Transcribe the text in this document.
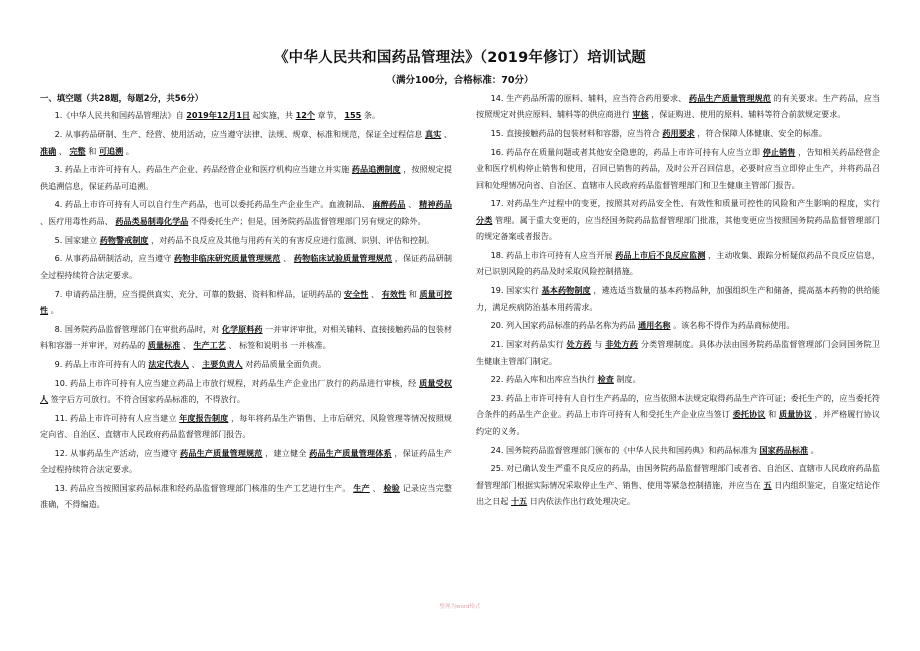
《中华人民共和国药品管理法》（2019年修订）培训试题
（满分100分，合格标准：70分）

一、填空题（共28题，每题2分，共56分）

1.《中华人民共和国药品管理法》自 2019年12月1日 起实施，共 12个 章节， 155 条。

2. 从事药品研制、生产、经营、使用活动，应当遵守法律、法规、规章、标准和规范，保证全过程信息 真实 、 准确 、 完整 和 可追溯 。

3. 药品上市许可持有人、药品生产企业、药品经营企业和医疗机构应当建立并实施 药品追溯制度 ，按照规定提供追溯信息，保证药品可追溯。

4. 药品上市许可持有人可以自行生产药品，也可以委托药品生产企业生产。血液制品、 麻醉药品 、 精神药品 、医疗用毒性药品、 药品类易制毒化学品 不得委托生产；但是，国务院药品监督管理部门另有规定的除外。

5. 国家建立 药物警戒制度 ，对药品不良反应及其他与用药有关的有害反应进行监测、识别、评估和控制。

6. 从事药品研制活动，应当遵守 药物非临床研究质量管理规范 、 药物临床试验质量管理规范 ，保证药品研制全过程持续符合法定要求。

7. 申请药品注册，应当提供真实、充分、可靠的数据、资料和样品，证明药品的 安全性 、 有效性 和 质量可控性 。

8. 国务院药品监督管理部门在审批药品时，对 化学原料药 一并审评审批，对相关辅料、直接接触药品的包装材料和容器一并审评，对药品的 质量标准 、 生产工艺 、 标签和说明书 一并核准。

9. 药品上市许可持有人的 法定代表人 、 主要负责人 对药品质量全面负责。

10. 药品上市许可持有人应当建立药品上市放行规程，对药品生产企业出厂放行的药品进行审核，经 质量受权人 签字后方可放行。不符合国家药品标准的，不得放行。

11. 药品上市许可持有人应当建立 年度报告制度 ，每年将药品生产销售、上市后研究、风险管理等情况按照规定向省、自治区、直辖市人民政府药品监督管理部门报告。

12. 从事药品生产活动，应当遵守 药品生产质量管理规范 ，建立健全 药品生产质量管理体系 ，保证药品生产全过程持续符合法定要求。

13. 药品应当按照国家药品标准和经药品监督管理部门核准的生产工艺进行生产。 生产 、 检验 记录应当完整准确，不得编造。

14. 生产药品所需的原料、辅料，应当符合药用要求、 药品生产质量管理规范 的有关要求。生产药品，应当按照规定对供应原料、辅料等的供应商进行 审核 ，保证购进、使用的原料、辅料等符合前款规定要求。

15. 直接接触药品的包装材料和容器，应当符合 药用要求 ，符合保障人体健康、安全的标准。

16. 药品存在质量问题或者其他安全隐患的，药品上市许可持有人应当立即 停止销售 ，告知相关药品经营企业和医疗机构停止销售和使用，召回已销售的药品，及时公开召回信息，必要时应当立即停止生产，并将药品召回和处理情况向省、自治区、直辖市人民政府药品监督管理部门和卫生健康主管部门报告。

17. 对药品生产过程中的变更，按照其对药品安全性、有效性和质量可控性的风险和产生影响的程度，实行 分类 管理。属于重大变更的，应当经国务院药品监督管理部门批准，其他变更应当按照国务院药品监督管理部门的规定备案或者报告。

18. 药品上市许可持有人应当开展 药品上市后不良反应监测 ，主动收集、跟踪分析疑似药品不良反应信息，对已识别风险的药品及时采取风险控制措施。

19. 国家实行 基本药物制度 ，遴选适当数量的基本药物品种，加强组织生产和储备，提高基本药物的供给能力，满足疾病防治基本用药需求。

20. 列入国家药品标准的药品名称为药品 通用名称 。该名称不得作为药品商标使用。

21. 国家对药品实行 处方药 与 非处方药 分类管理制度。具体办法由国务院药品监督管理部门会同国务院卫生健康主管部门制定。

22. 药品入库和出库应当执行 检查 制度。

23. 药品上市许可持有人自行生产药品的，应当依照本法规定取得药品生产许可证；委托生产的，应当委托符合条件的药品生产企业。药品上市许可持有人和受托生产企业应当签订 委托协议 和 质量协议 ，并严格履行协议约定的义务。

24. 国务院药品监督管理部门颁布的《中华人民共和国药典》和药品标准为 国家药品标准 。

25. 对已确认发生严重不良反应的药品，由国务院药品监督管理部门或者省、自治区、直辖市人民政府药品监督管理部门根据实际情况采取停止生产、销售、使用等紧急控制措施，并应当在 五 日内组织鉴定，自鉴定结论作出之日起 十五 日内依法作出行政处理决定。

整理为word格式
